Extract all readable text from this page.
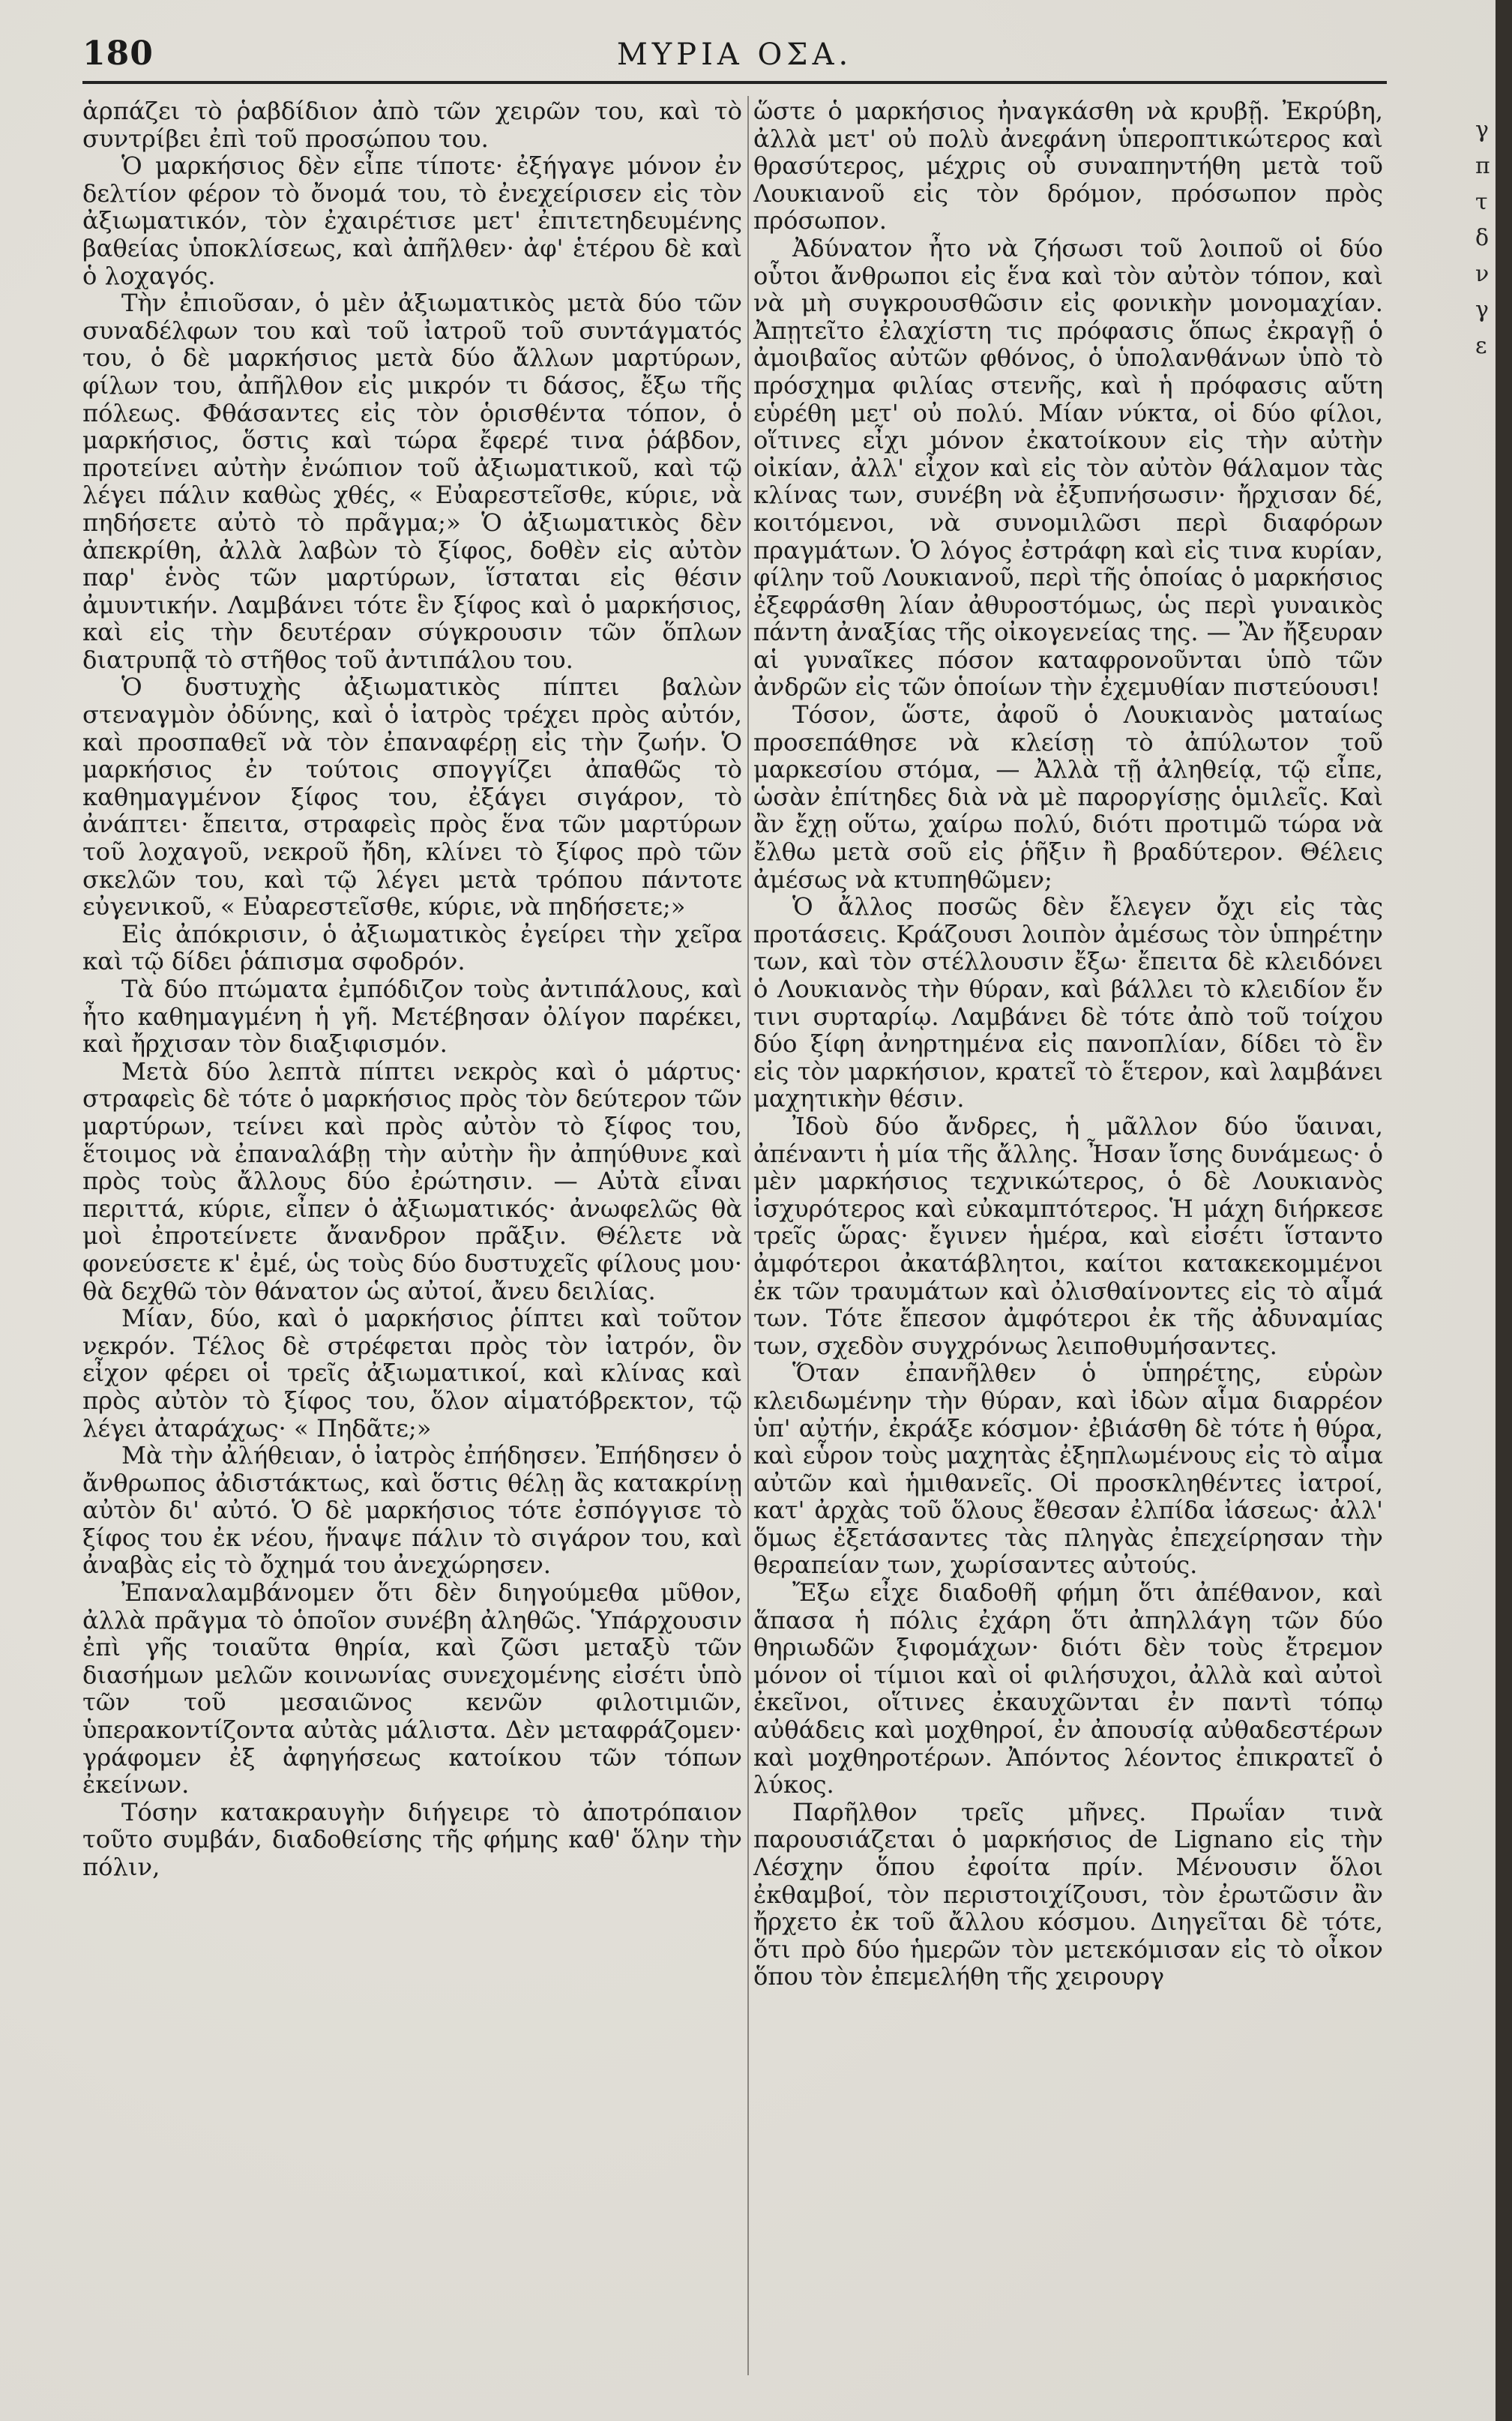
180	ΜΥΡΙΑ ΟΣΑ.

ἁρπάζει τὸ ῥαβδίδιον ἀπὸ τῶν χειρῶν του, καὶ τὸ συντρίβει ἐπὶ τοῦ προσώπου του.

Ὁ μαρκήσιος δὲν εἶπε τίποτε· ἐξήγαγε μόνον ἐν δελτίον φέρον τὸ ὄνομά του, τὸ ἐνεχείρισεν εἰς τὸν ἀξιωματικόν, τὸν ἐχαιρέτισε μετ' ἐπιτετηδευμένης βαθείας ὑποκλίσεως, καὶ ἀπῆλθεν· ἀφ' ἑτέρου δὲ καὶ ὁ λοχαγός.

Τὴν ἐπιοῦσαν, ὁ μὲν ἀξιωματικὸς μετὰ δύο τῶν συναδέλφων του καὶ τοῦ ἰατροῦ τοῦ συντάγματός του, ὁ δὲ μαρκήσιος μετὰ δύο ἄλλων μαρτύρων, φίλων του, ἀπῆλθον εἰς μικρόν τι δάσος, ἔξω τῆς πόλεως. Φθάσαντες εἰς τὸν ὁρισθέντα τόπον, ὁ μαρκήσιος, ὅστις καὶ τώρα ἔφερέ τινα ῥάβδον, προτείνει αὐτὴν ἐνώπιον τοῦ ἀξιωματικοῦ, καὶ τῷ λέγει πάλιν καθὼς χθές, « Εὐαρεστεῖσθε, κύριε, νὰ πηδήσετε αὐτὸ τὸ πρᾶγμα;» Ὁ ἀξιωματικὸς δὲν ἀπεκρίθη, ἀλλὰ λαβὼν τὸ ξίφος, δοθὲν εἰς αὐτὸν παρ' ἑνὸς τῶν μαρτύρων, ἵσταται εἰς θέσιν ἀμυντικήν. Λαμβάνει τότε ἓν ξίφος καὶ ὁ μαρκήσιος, καὶ εἰς τὴν δευτέραν σύγκρουσιν τῶν ὅπλων διατρυπᾷ τὸ στῆθος τοῦ ἀντιπάλου του.

Ὁ δυστυχὴς ἀξιωματικὸς πίπτει βαλὼν στεναγμὸν ὀδύνης, καὶ ὁ ἰατρὸς τρέχει πρὸς αὐτόν, καὶ προσπαθεῖ νὰ τὸν ἐπαναφέρῃ εἰς τὴν ζωήν. Ὁ μαρκήσιος ἐν τούτοις σπογγίζει ἀπαθῶς τὸ καθημαγμένον ξίφος του, ἐξάγει σιγάρον, τὸ ἀνάπτει· ἔπειτα, στραφεὶς πρὸς ἕνα τῶν μαρτύρων τοῦ λοχαγοῦ, νεκροῦ ἤδη, κλίνει τὸ ξίφος πρὸ τῶν σκελῶν του, καὶ τῷ λέγει μετὰ τρόπου πάντοτε εὐγενικοῦ, « Εὐαρεστεῖσθε, κύριε, νὰ πηδήσετε;»

Εἰς ἀπόκρισιν, ὁ ἀξιωματικὸς ἐγείρει τὴν χεῖρα καὶ τῷ δίδει ῥάπισμα σφοδρόν.

Τὰ δύο πτώματα ἐμπόδιζον τοὺς ἀντιπάλους, καὶ ἦτο καθημαγμένη ἡ γῆ. Μετέβησαν ὀλίγον παρέκει, καὶ ἤρχισαν τὸν διαξιφισμόν.

Μετὰ δύο λεπτὰ πίπτει νεκρὸς καὶ ὁ μάρτυς· στραφεὶς δὲ τότε ὁ μαρκήσιος πρὸς τὸν δεύτερον τῶν μαρτύρων, τείνει καὶ πρὸς αὐτὸν τὸ ξίφος του, ἕτοιμος νὰ ἐπαναλάβῃ τὴν αὐτὴν ἣν ἀπηύθυνε καὶ πρὸς τοὺς ἄλλους δύο ἐρώτησιν. — Αὐτὰ εἶναι περιττά, κύριε, εἶπεν ὁ ἀξιωματικός· ἀνωφελῶς θὰ μοὶ ἐπροτείνετε ἄνανδρον πρᾶξιν. Θέλετε νὰ φονεύσετε κ' ἐμέ, ὡς τοὺς δύο δυστυχεῖς φίλους μου· θὰ δεχθῶ τὸν θάνατον ὡς αὐτοί, ἄνευ δειλίας.

Μίαν, δύο, καὶ ὁ μαρκήσιος ῥίπτει καὶ τοῦτον νεκρόν. Τέλος δὲ στρέφεται πρὸς τὸν ἰατρόν, ὃν εἶχον φέρει οἱ τρεῖς ἀξιωματικοί, καὶ κλίνας καὶ πρὸς αὐτὸν τὸ ξίφος του, ὅλον αἱματόβρεκτον, τῷ λέγει ἀταράχως· « Πηδᾶτε;»

Μὰ τὴν ἀλήθειαν, ὁ ἰατρὸς ἐπήδησεν. Ἐπήδησεν ὁ ἄνθρωπος ἀδιστάκτως, καὶ ὅστις θέλῃ ἂς κατακρίνῃ αὐτὸν δι' αὐτό. Ὁ δὲ μαρκήσιος τότε ἐσπόγγισε τὸ ξίφος του ἐκ νέου, ἥναψε πάλιν τὸ σιγάρον του, καὶ ἀναβὰς εἰς τὸ ὄχημά του ἀνεχώρησεν.

Ἐπαναλαμβάνομεν ὅτι δὲν διηγούμεθα μῦθον, ἀλλὰ πρᾶγμα τὸ ὁποῖον συνέβη ἀληθῶς. Ὑπάρχουσιν ἐπὶ γῆς τοιαῦτα θηρία, καὶ ζῶσι μεταξὺ τῶν διασήμων μελῶν κοινωνίας συνεχομένης εἰσέτι ὑπὸ τῶν τοῦ μεσαιῶνος κενῶν φιλοτιμιῶν, ὑπερακοντίζοντα αὐτὰς μάλιστα. Δὲν μεταφράζομεν· γράφομεν ἐξ ἀφηγήσεως κατοίκου τῶν τόπων ἐκείνων.

Τόσην κατακραυγὴν διήγειρε τὸ ἀποτρόπαιον τοῦτο συμβάν, διαδοθείσης τῆς φήμης καθ' ὅλην τὴν πόλιν,

ὥστε ὁ μαρκήσιος ἠναγκάσθη νὰ κρυβῇ. Ἐκρύβη, ἀλλὰ μετ' οὐ πολὺ ἀνεφάνη ὑπεροπτικώτερος καὶ θρασύτερος, μέχρις οὗ συναπηντήθη μετὰ τοῦ Λουκιανοῦ εἰς τὸν δρόμον, πρόσωπον πρὸς πρόσωπον.

Ἀδύνατον ἦτο νὰ ζήσωσι τοῦ λοιποῦ οἱ δύο οὗτοι ἄνθρωποι εἰς ἕνα καὶ τὸν αὐτὸν τόπον, καὶ νὰ μὴ συγκρουσθῶσιν εἰς φονικὴν μονομαχίαν. Ἀπῃτεῖτο ἐλαχίστη τις πρόφασις ὅπως ἐκραγῇ ὁ ἀμοιβαῖος αὐτῶν φθόνος, ὁ ὑπολανθάνων ὑπὸ τὸ πρόσχημα φιλίας στενῆς, καὶ ἡ πρόφασις αὕτη εὑρέθη μετ' οὐ πολύ. Μίαν νύκτα, οἱ δύο φίλοι, οἵτινες εἶχι μόνον ἐκατοίκουν εἰς τὴν αὐτὴν οἰκίαν, ἀλλ' εἶχον καὶ εἰς τὸν αὐτὸν θάλαμον τὰς κλίνας των, συνέβη νὰ ἐξυπνήσωσιν· ἤρχισαν δέ, κοιτόμενοι, νὰ συνομιλῶσι περὶ διαφόρων πραγμάτων. Ὁ λόγος ἐστράφη καὶ εἰς τινα κυρίαν, φίλην τοῦ Λουκιανοῦ, περὶ τῆς ὁποίας ὁ μαρκήσιος ἐξεφράσθη λίαν ἀθυροστόμως, ὡς περὶ γυναικὸς πάντη ἀναξίας τῆς οἰκογενείας της. — Ἂν ἤξευραν αἱ γυναῖκες πόσον καταφρονοῦνται ὑπὸ τῶν ἀνδρῶν εἰς τῶν ὁποίων τὴν ἐχεμυθίαν πιστεύουσι!

Τόσον, ὥστε, ἀφοῦ ὁ Λουκιανὸς ματαίως προσεπάθησε νὰ κλείσῃ τὸ ἀπύλωτον τοῦ μαρκεσίου στόμα, — Ἀλλὰ τῇ ἀληθείᾳ, τῷ εἶπε, ὡσὰν ἐπίτηδες διὰ νὰ μὲ παροργίσῃς ὁμιλεῖς. Καὶ ἂν ἔχῃ οὕτω, χαίρω πολύ, διότι προτιμῶ τώρα νὰ ἔλθω μετὰ σοῦ εἰς ῥῆξιν ἢ βραδύτερον. Θέλεις ἀμέσως νὰ κτυπηθῶμεν;

Ὁ ἄλλος ποσῶς δὲν ἔλεγεν ὄχι εἰς τὰς προτάσεις. Κράζουσι λοιπὸν ἀμέσως τὸν ὑπηρέτην των, καὶ τὸν στέλλουσιν ἔξω· ἔπειτα δὲ κλειδόνει ὁ Λουκιανὸς τὴν θύραν, καὶ βάλλει τὸ κλειδίον ἔν τινι συρταρίῳ. Λαμβάνει δὲ τότε ἀπὸ τοῦ τοίχου δύο ξίφη ἀνηρτημένα εἰς πανοπλίαν, δίδει τὸ ἓν εἰς τὸν μαρκήσιον, κρατεῖ τὸ ἕτερον, καὶ λαμβάνει μαχητικὴν θέσιν.

Ἰδοὺ δύο ἄνδρες, ἡ μᾶλλον δύο ὕαιναι, ἀπέναντι ἡ μία τῆς ἄλλης. Ἦσαν ἴσης δυνάμεως· ὁ μὲν μαρκήσιος τεχνικώτερος, ὁ δὲ Λουκιανὸς ἰσχυρότερος καὶ εὐκαμπτότερος. Ἡ μάχη διήρκεσε τρεῖς ὥρας· ἔγινεν ἡμέρα, καὶ εἰσέτι ἵσταντο ἀμφότεροι ἀκατάβλητοι, καίτοι κατακεκομμένοι ἐκ τῶν τραυμάτων καὶ ὀλισθαίνοντες εἰς τὸ αἷμά των. Τότε ἔπεσον ἀμφότεροι ἐκ τῆς ἀδυναμίας των, σχεδὸν συγχρόνως λειποθυμήσαντες.

Ὅταν ἐπανῆλθεν ὁ ὑπηρέτης, εὑρὼν κλειδωμένην τὴν θύραν, καὶ ἰδὼν αἷμα διαρρέον ὑπ' αὐτήν, ἐκράξε κόσμον· ἐβιάσθη δὲ τότε ἡ θύρα, καὶ εὗρον τοὺς μαχητὰς ἐξηπλωμένους εἰς τὸ αἷμα αὐτῶν καὶ ἡμιθανεῖς. Οἱ προσκληθέντες ἰατροί, κατ' ἀρχὰς τοῦ ὅλους ἔθεσαν ἐλπίδα ἰάσεως· ἀλλ' ὅμως ἐξετάσαντες τὰς πληγὰς ἐπεχείρησαν τὴν θεραπείαν των, χωρίσαντες αὐτούς.

Ἔξω εἶχε διαδοθῆ φήμη ὅτι ἀπέθανον, καὶ ἅπασα ἡ πόλις ἐχάρη ὅτι ἀπηλλάγη τῶν δύο θηριωδῶν ξιφομάχων· διότι δὲν τοὺς ἔτρεμον μόνον οἱ τίμιοι καὶ οἱ φιλήσυχοι, ἀλλὰ καὶ αὐτοὶ ἐκεῖνοι, οἵτινες ἐκαυχῶνται ἐν παντὶ τόπῳ αὐθάδεις καὶ μοχθηροί, ἐν ἀπουσίᾳ αὐθαδεστέρων καὶ μοχθηροτέρων. Ἀπόντος λέοντος ἐπικρατεῖ ὁ λύκος.

Παρῆλθον τρεῖς μῆνες. Πρωΐαν τινὰ παρουσιάζεται ὁ μαρκήσιος de Lignano εἰς τὴν Λέσχην ὅπου ἐφοίτα πρίν. Μένουσιν ὅλοι ἐκθαμβοί, τὸν περιστοιχίζουσι, τὸν ἐρωτῶσιν ἂν ἤρχετο ἐκ τοῦ ἄλλου κόσμου. Διηγεῖται δὲ τότε, ὅτι πρὸ δύο ἡμερῶν τὸν μετεκόμισαν εἰς τὸ οἶκον ὅπου τὸν ἐπεμελήθη τῆς χειρουργ

γ
π
τ
δ
ν
γ
ε
